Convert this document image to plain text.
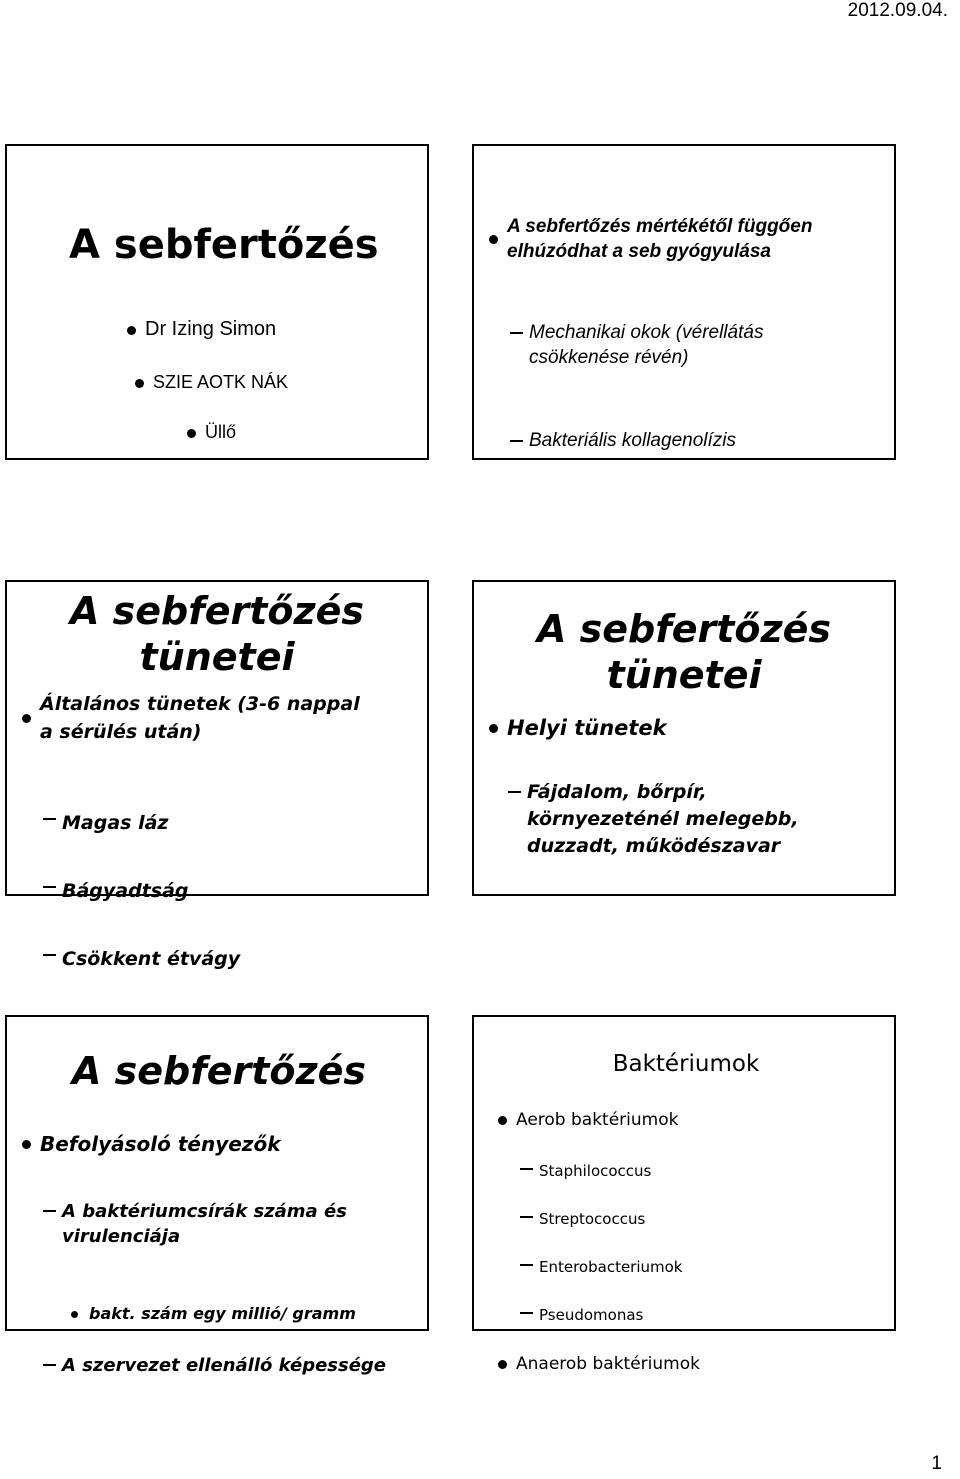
2012.09.04.
A sebfertőzés
Dr Izing Simon
SZIE AOTK NÁK
Üllő
A sebfertőzés mértékétől függően
elhúzódhat a seb gyógyulása
Mechanikai okok (vérellátás
csökkenése révén)
Bakteriális kollagenolízis
A sebfertőzés
tünetei
Általános tünetek (3-6 nappal
a sérülés után)
Magas láz
Bágyadtság
Csökkent étvágy
A sebfertőzés
tünetei
Helyi tünetek
Fájdalom, bőrpír,
környezeténél melegebb,
duzzadt, működészavar
A sebfertőzés
Befolyásoló tényezők
A baktériumcsírák száma és
virulenciája
bakt. szám egy millió/ gramm
A szervezet ellenálló képessége
Baktériumok
Aerob baktériumok
Staphilococcus
Streptococcus
Enterobacteriumok
Pseudomonas
Anaerob baktériumok
1
